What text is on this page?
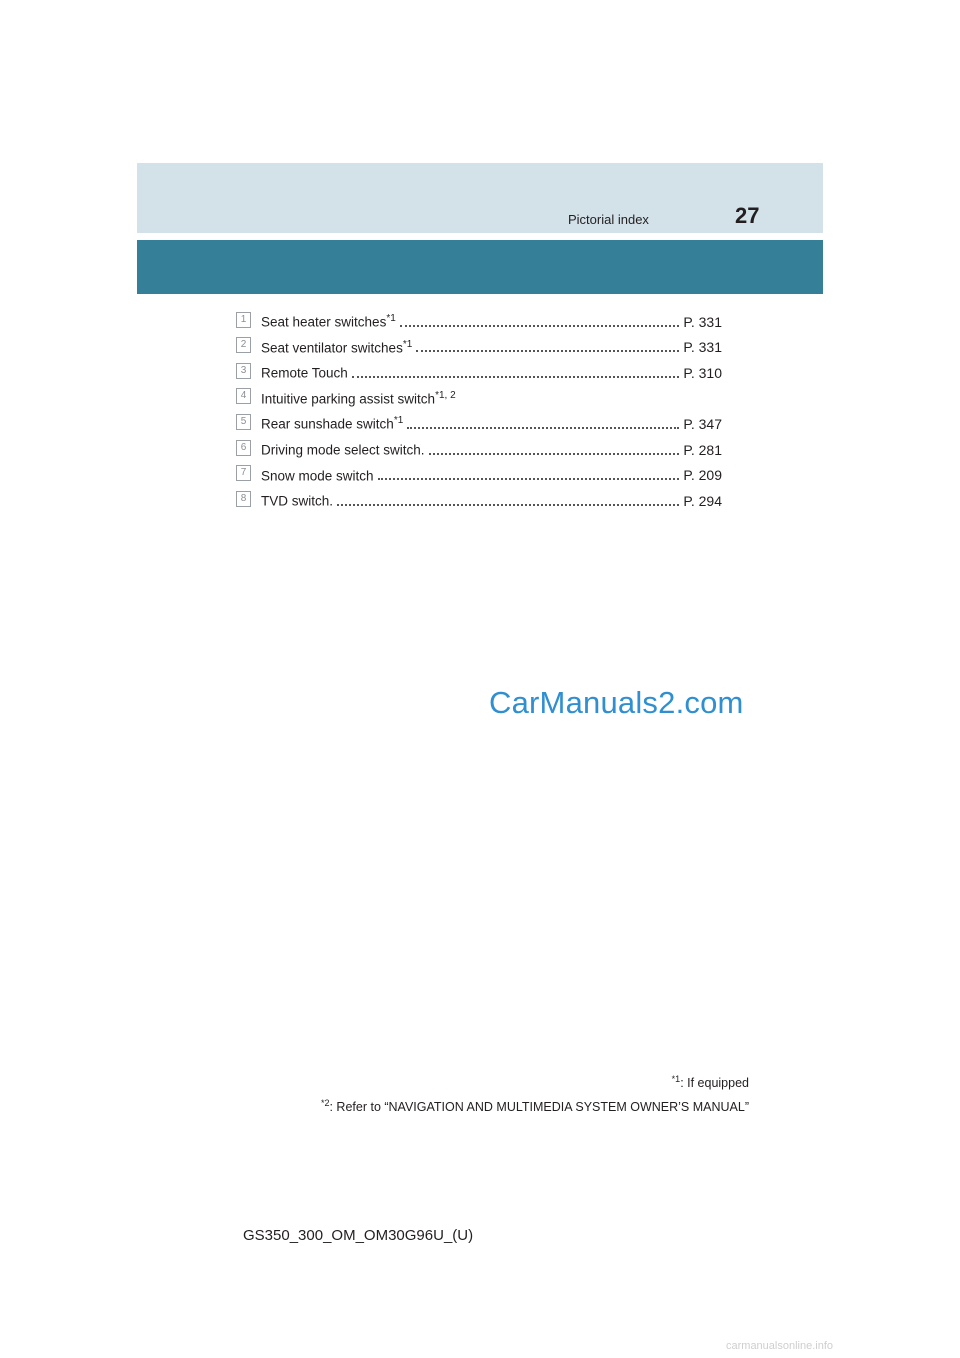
Pictorial index	27
1	Seat heater switches$^{*1}$	P. 331
2	Seat ventilator switches$^{*1}$	P. 331
3	Remote Touch	P. 310
4	Intuitive parking assist switch$^{*1, 2}$
5	Rear sunshade switch$^{*1}$	P. 347
6	Driving mode select switch.	P. 281
7	Snow mode switch	P. 209
8	TVD switch.	P. 294
CarManuals2.com
$^{*1}$: If equipped
$^{*2}$: Refer to “NAVIGATION AND MULTIMEDIA SYSTEM OWNER’S MANUAL”
GS350_300_OM_OM30G96U_(U)
carmanualsonline.info
